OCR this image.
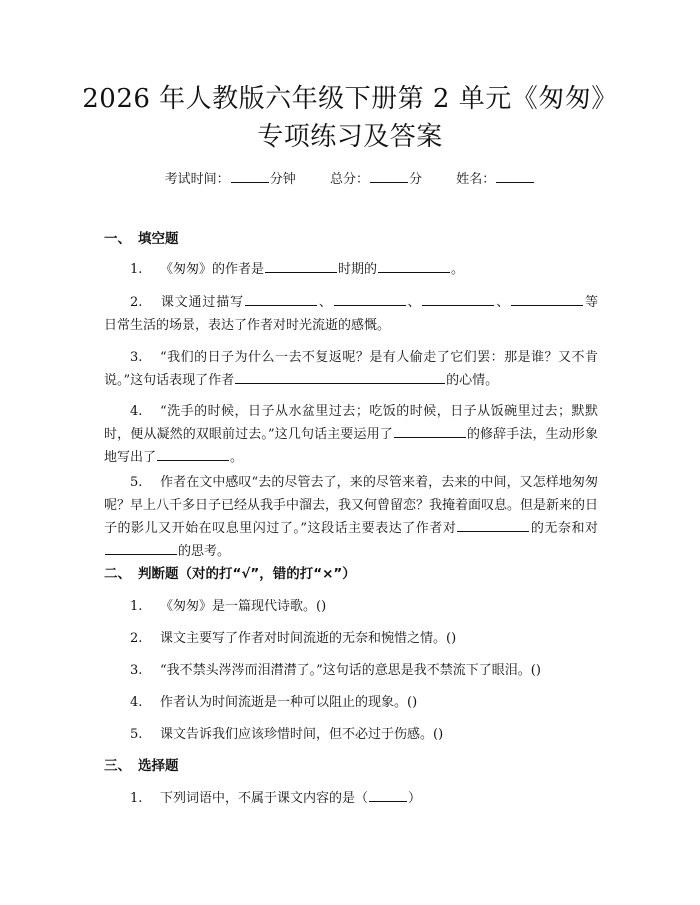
2026 年人教版六年级下册第 2 单元《匆匆》
专项练习及答案
考试时间：	分钟	总分：	分	姓名：
一、 填空题
1. 《匆匆》的作者是	时期的	。
2. 课文通过描写	、	、	、	等日常生活的场景，表达了作者对时光流逝的感慨。
3. “我们的日子为什么一去不复返呢？是有人偷走了它们罢：那是谁？又不肯说。”这句话表现了作者	的心情。
4. “洗手的时候，日子从水盆里过去；吃饭的时候，日子从饭碗里过去；默默时，便从凝然的双眼前过去。”这几句话主要运用了	的修辞手法，生动形象地写出了	。
5. 作者在文中感叹“去的尽管去了，来的尽管来着，去来的中间，又怎样地匆匆呢？早上八千多日子已经从我手中溜去，我又何曾留恋？我掩着面叹息。但是新来的日子的影儿又开始在叹息里闪过了。”这段话主要表达了作者对	的无奈和对的思考。
二、 判断题（对的打“√”，错的打“×”）
1. 《匆匆》是一篇现代诗歌。()
2. 课文主要写了作者对时间流逝的无奈和惋惜之情。()
3. “我不禁头涔涔而泪潸潸了。”这句话的意思是我不禁流下了眼泪。()
4. 作者认为时间流逝是一种可以阻止的现象。()
5. 课文告诉我们应该珍惜时间，但不必过于伤感。()
三、 选择题
1. 下列词语中，不属于课文内容的是（	）
